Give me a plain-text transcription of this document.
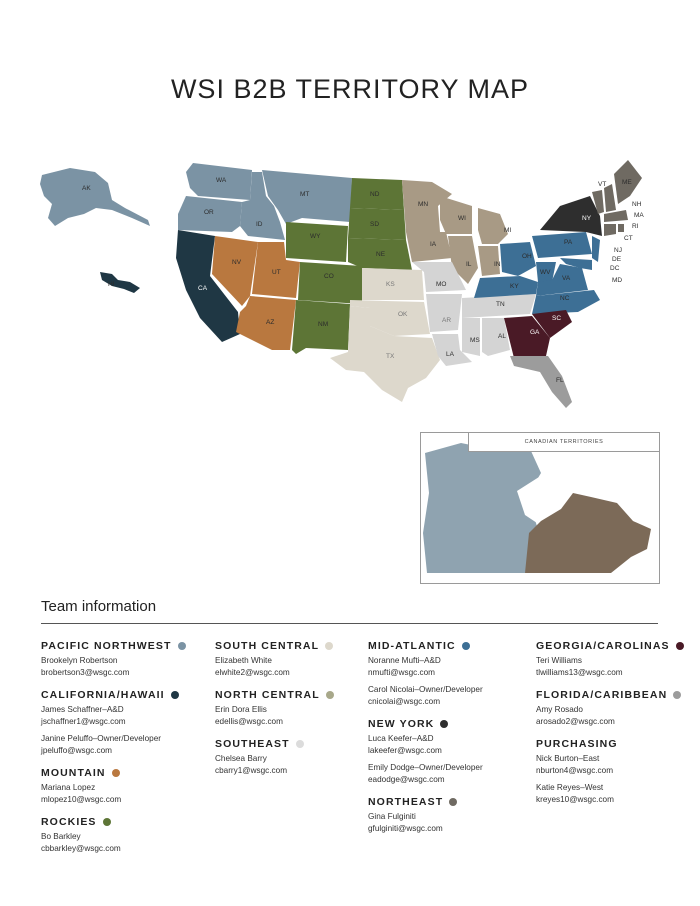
WSI B2B TERRITORY MAP
AK
HI
WA
OR
CA
ID
NV
MT
WY
UT
AZ
CO
NM
ND
SD
NE
KS
OK
TX
MN
IA
MO
AR
LA
WI
IL
MS
MI
IN
KY
TN
AL
OH
GA
FL
WV
VA
NC
SC
PA
NY
VT ME
NH
MA
RI
CT
NJ
DE
DC
MD
CANADIAN TERRITORIES
Team information
PACIFIC NORTHWEST
Brookelyn Robertson
brobertson3@wsgc.com
CALIFORNIA/HAWAII
James Schaffner–A&D
jschaffner1@wsgc.com
Janine Peluffo–Owner/Developer
jpeluffo@wsgc.com
MOUNTAIN
Mariana Lopez
mlopez10@wsgc.com
ROCKIES
Bo Barkley
cbbarkley@wsgc.com
SOUTH CENTRAL
Elizabeth White
elwhite2@wsgc.com
NORTH CENTRAL
Erin Dora Ellis
edellis@wsgc.com
SOUTHEAST
Chelsea Barry
cbarry1@wsgc.com
MID-ATLANTIC
Noranne Mufti–A&D
nmufti@wsgc.com
Carol Nicolai–Owner/Developer
cnicolai@wsgc.com
NEW YORK
Luca Keefer–A&D
lakeefer@wsgc.com
Emily Dodge–Owner/Developer
eadodge@wsgc.com
NORTHEAST
Gina Fulginiti
gfulginiti@wsgc.com
GEORGIA/CAROLINAS
Teri Williams
tlwilliams13@wsgc.com
FLORIDA/CARIBBEAN
Amy Rosado
arosado2@wsgc.com
PURCHASING
Nick Burton–East
nburton4@wsgc.com
Katie Reyes–West
kreyes10@wsgc.com
